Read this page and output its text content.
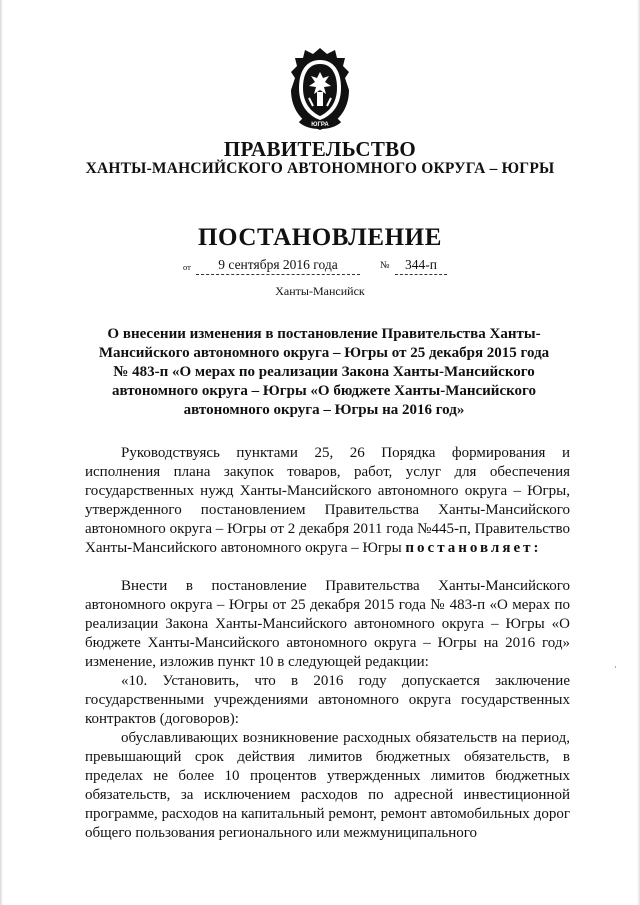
ЮГРА
ПРАВИТЕЛЬСТВО
ХАНТЫ-МАНСИЙСКОГО АВТОНОМНОГО ОКРУГА – ЮГРЫ
ПОСТАНОВЛЕНИЕ
от	9 сентября 2016 года	№	344-п
Ханты-Мансийск
О внесении изменения в постановление Правительства Ханты-
Мансийского автономного округа – Югры от 25 декабря 2015 года
№ 483-п «О мерах по реализации Закона Ханты-Мансийского
автономного округа – Югры «О бюджете Ханты-Мансийского
автономного округа – Югры на 2016 год»

Руководствуясь пунктами 25, 26 Порядка формирования и исполнения плана закупок товаров, работ, услуг для обеспечения государственных нужд Ханты-Мансийского автономного округа – Югры, утвержденного постановлением Правительства Ханты-Мансийского автономного округа – Югры от 2 декабря 2011 года №445-п, Правительство Ханты-Мансийского автономного округа – Югры постановляет:

Внести в постановление Правительства Ханты-Мансийского автономного округа – Югры от 25 декабря 2015 года № 483-п «О мерах по реализации Закона Ханты-Мансийского автономного округа – Югры «О бюджете Ханты-Мансийского автономного округа – Югры на 2016 год» изменение, изложив пункт 10 в следующей редакции:

«10. Установить, что в 2016 году допускается заключение государственными учреждениями автономного округа государственных контрактов (договоров):

обуславливающих возникновение расходных обязательств на период, превышающий срок действия лимитов бюджетных обязательств, в пределах не более 10 процентов утвержденных лимитов бюджетных обязательств, за исключением расходов по адресной инвестиционной программе, расходов на капитальный ремонт, ремонт автомобильных дорог общего пользования регионального или межмуниципального

·
